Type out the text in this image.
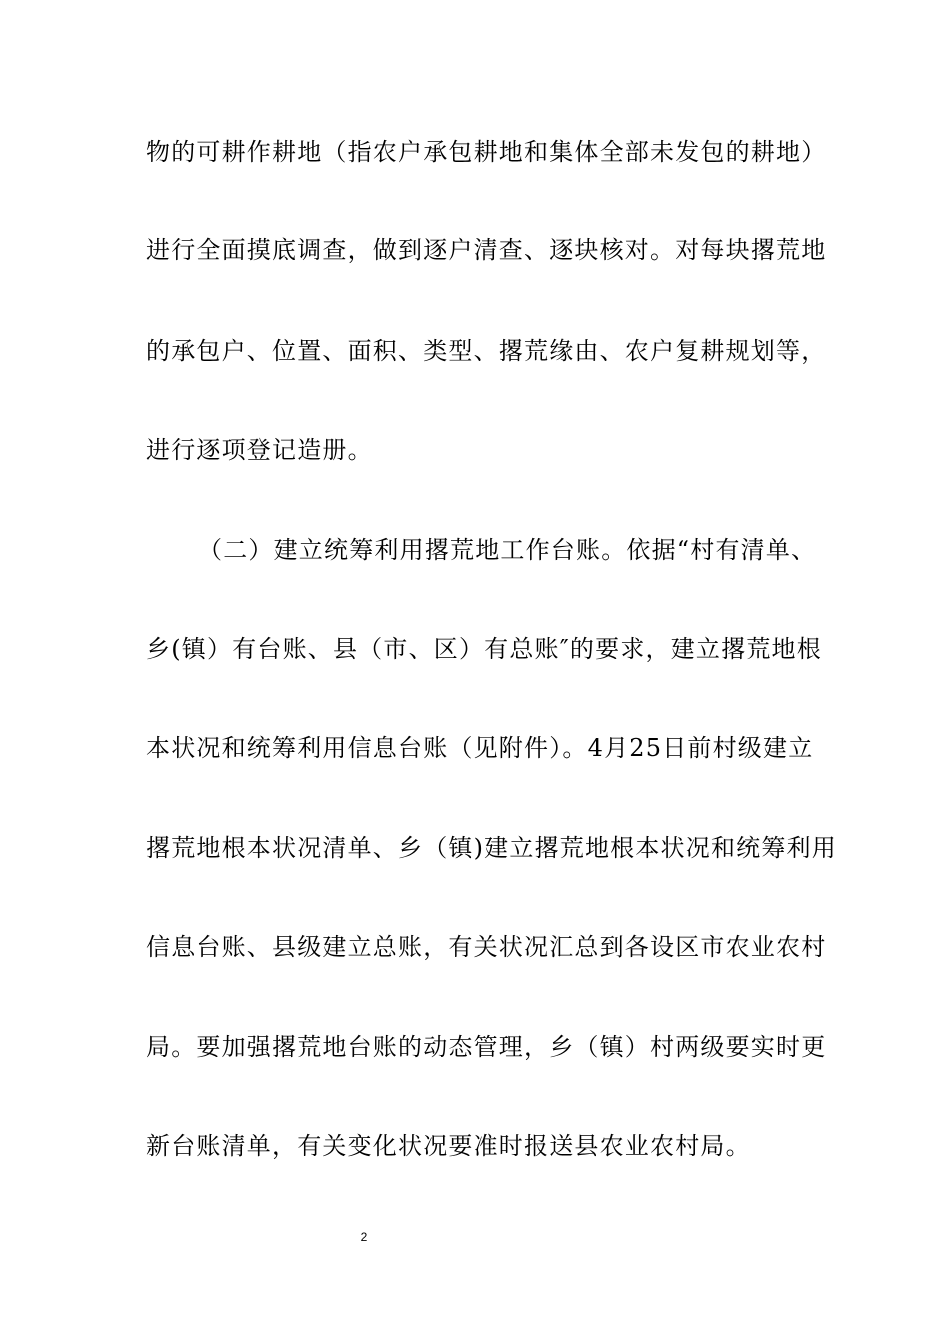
物的可耕作耕地（指农户承包耕地和集体全部未发包的耕地）
进行全面摸底调查，做到逐户清查、逐块核对。对每块撂荒地
的承包户、位置、面积、类型、撂荒缘由、农户复耕规划等，
进行逐项登记造册。
（二）建立统筹利用撂荒地工作台账。依据“村有清单、
乡(镇）有台账、县（市、区）有总账″的要求，建立撂荒地根
本状况和统筹利用信息台账（见附件）。4月25日前村级建立
撂荒地根本状况清单、乡（镇)建立撂荒地根本状况和统筹利用
信息台账、县级建立总账，有关状况汇总到各设区市农业农村
局。要加强撂荒地台账的动态管理，乡（镇）村两级要实时更
新台账清单，有关变化状况要准时报送县农业农村局。
2
